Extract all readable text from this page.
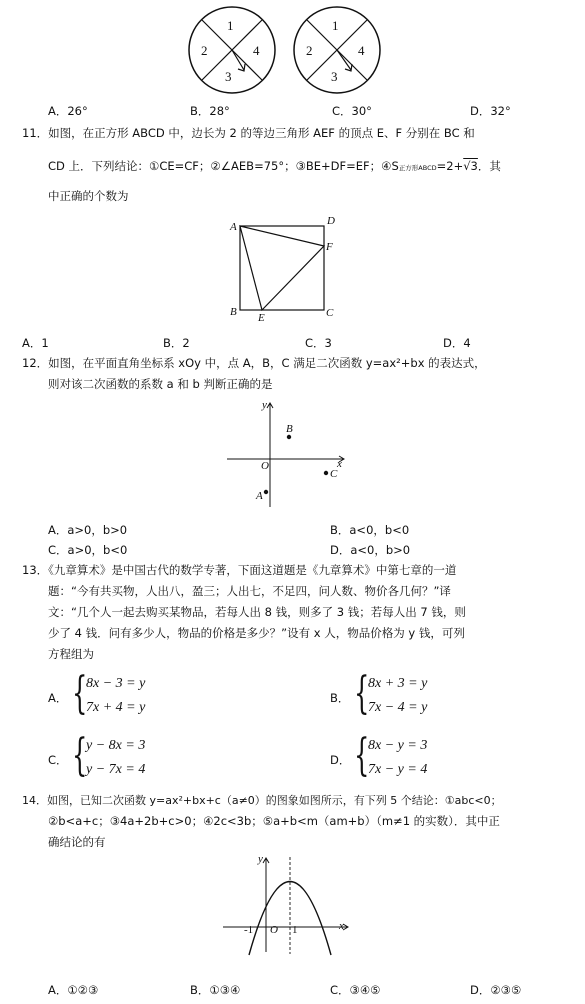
1
2
3
4
1
2
3
4
A．26°	B．28°	C．30°	D．32°
11．如图，在正方形 ABCD 中，边长为 2 的等边三角形 AEF 的顶点 E、F 分别在 BC 和
CD 上．下列结论：①CE=CF；②∠AEB=75°；③BE+DF=EF；④S正方形ABCD=2+√3．其
中正确的个数为
A	D
F
B E	C
A．1	B．2	C．3	D．4
12．如图，在平面直角坐标系 xOy 中，点 A，B，C 满足二次函数 y=ax²+bx 的表达式，
则对该二次函数的系数 a 和 b 判断正确的是
y
x
O
B
C
A
A．a>0，b>0	B．a<0，b<0
C．a>0，b<0	D．a<0，b>0
13．《九章算术》是中国古代的数学专著，下面这道题是《九章算术》中第七章的一道
题：“今有共买物，人出八，盈三；人出七，不足四，问人数、物价各几何？”译
文：“几个人一起去购买某物品，若每人出 8 钱，则多了 3 钱；若每人出 7 钱，则
少了 4 钱．问有多少人，物品的价格是多少？”设有 x 人，物品价格为 y 钱，可列
方程组为
A． {
8x − 3 = y
7x + 4 = y
B． {
8x + 3 = y
7x − 4 = y
C． {
y − 8x = 3
y − 7x = 4
D． {
8x − y = 3
7x − y = 4
14．如图，已知二次函数 y=ax²+bx+c（a≠0）的图象如图所示，有下列 5 个结论：①abc<0；
②b<a+c；③4a+2b+c>0；④2c<3b；⑤a+b<m（am+b）（m≠1 的实数）．其中正
确结论的有
y
x
-1 O 1
A．①②③	B．①③④	C．③④⑤	D．②③⑤
